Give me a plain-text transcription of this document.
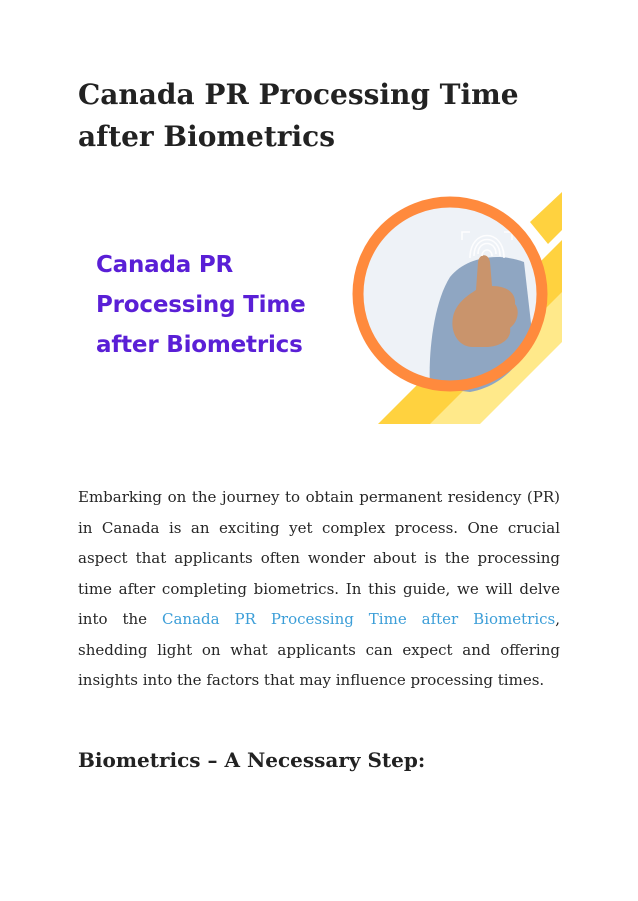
Canada PR Processing Time after Biometrics
Canada PR
Processing Time
after Biometrics

Embarking on the journey to obtain permanent residency (PR) in Canada is an exciting yet complex process. One crucial aspect that applicants often wonder about is the processing time after completing biometrics. In this guide, we will delve into the Canada PR Processing Time after Biometrics, shedding light on what applicants can expect and offering insights into the factors that may influence processing times.

Biometrics – A Necessary Step:
